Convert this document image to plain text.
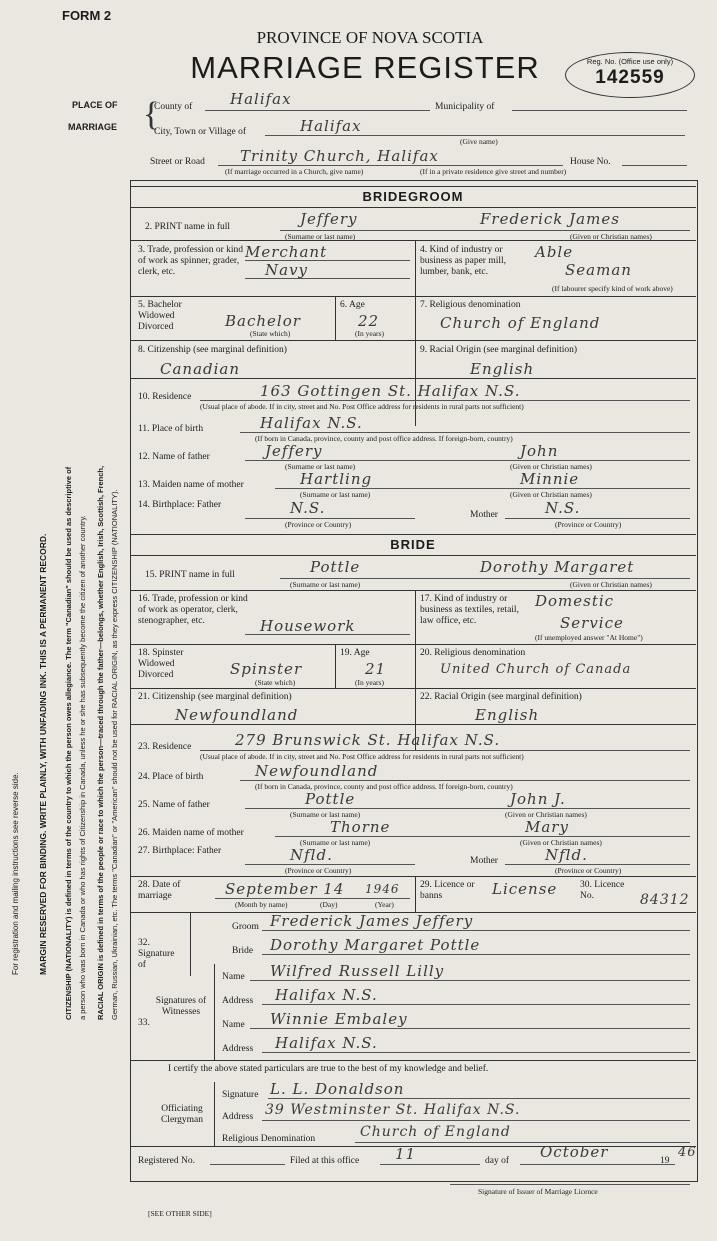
FORM 2
PROVINCE OF NOVA SCOTIA
MARRIAGE REGISTER	Reg. No. (Office use only)
142559
PLACE OF
MARRIAGE {
County of	Halifax	Municipality of
City, Town or Village of	Halifax
(Give name)
Street or Road Trinity Church, Halifax	House No.
(If marriage occurred in a Church, give name)	(If in a private residence give street and number)
BRIDEGROOM
2. PRINT name in full	Jeffery	Frederick James
(Surname or last name)	(Given or Christian names)
3. Trade, profession or kind of work as spinner, grader, clerk, etc.
Merchant
Navy
4. Kind of industry or business as paper mill, lumber, bank, etc.
Able
Seaman
(If labourer specify kind of work above)
5. Bachelor Widowed Divorced	Bachelor
(State which)
6. Age
22
(In years)
7. Religious denomination
Church of England
8. Citizenship (see marginal definition)
Canadian
9. Racial Origin (see marginal definition)
English
10. Residence	163 Gottingen St. Halifax N.S.
(Usual place of abode. If in city, street and No. Post Office address for residents in rural parts not sufficient)
11. Place of birth	Halifax N.S.
(If born in Canada, province, county and post office address. If foreign-born, country)
12. Name of father	Jeffery	John
(Surname or last name)	(Given or Christian names)
13. Maiden name of mother	Hartling	Minnie
(Surname or last name)	(Given or Christian names)
14. Birthplace: Father	N.S.
(Province or Country)
Mother	N.S.
(Province or Country)
BRIDE
15. PRINT name in full	Pottle	Dorothy Margaret
(Surname or last name)	(Given or Christian names)
16. Trade, profession or kind of work as operator, clerk, stenographer, etc.	Housework
17. Kind of industry or business as textiles, retail, law office, etc.
Domestic
Service
(If unemployed answer "At Home")
18. Spinster Widowed Divorced	Spinster
(State which)
19. Age
21
(In years)
20. Religious denomination
United Church of Canada
21. Citizenship (see marginal definition)
Newfoundland
22. Racial Origin (see marginal definition)
English
23. Residence	279 Brunswick St. Halifax N.S.
(Usual place of abode. If in city, street and No. Post Office address for residents in rural parts not sufficient)
24. Place of birth	Newfoundland
(If born in Canada, province, county and post office address. If foreign-born, country)
25. Name of father	Pottle	John J.
(Surname or last name)	(Given or Christian names)
26. Maiden name of mother	Thorne	Mary
(Surname or last name)	(Given or Christian names)
27. Birthplace: Father	Nfld.
(Province or Country)
Mother	Nfld.
(Province or Country)
28. Date of marriage	September 14 1946
(Month by name)	(Day)	(Year)
29. Licence or banns	License 30. Licence No.	84312
32. Signature of
Groom Frederick James Jeffery
Bride Dorothy Margaret Pottle
33.
Signatures of Witnesses
Name Wilfred Russell Lilly
Address Halifax N.S.
Name Winnie Embaley
Address Halifax N.S.
I certify the above stated particulars are true to the best of my knowledge and belief.
Officiating Clergyman
Signature L. L. Donaldson
Address 39 Westminster St. Halifax N.S.
Religious Denomination	Church of England
Registered No.	Filed at this office 11	day of October	19
46
Signature of Issuer of Marriage Licence
[SEE OTHER SIDE]
For registration and mailing instructions see reverse side. MARGIN RESERVED FOR BINDING. WRITE PLAINLY, WITH UNFADING INK. THIS IS A PERMANENT RECORD. CITIZENSHIP (NATIONALITY) is defined in terms of the country to which the person owes allegiance. The term "Canadian" should be used as descriptive of a person who was born in Canada or who has rights of Citizenship in Canada, unless he or she has subsequently become the citizen of another country. RACIAL ORIGIN is defined in terms of the people or race to which the person—traced through the father—belongs, whether English, Irish, Scottish, French, German, Russian, Ukrainian, etc. The terms "Canadian" or "American" should not be used for RACIAL ORIGIN, as they express CITIZENSHIP (NATIONALITY).
